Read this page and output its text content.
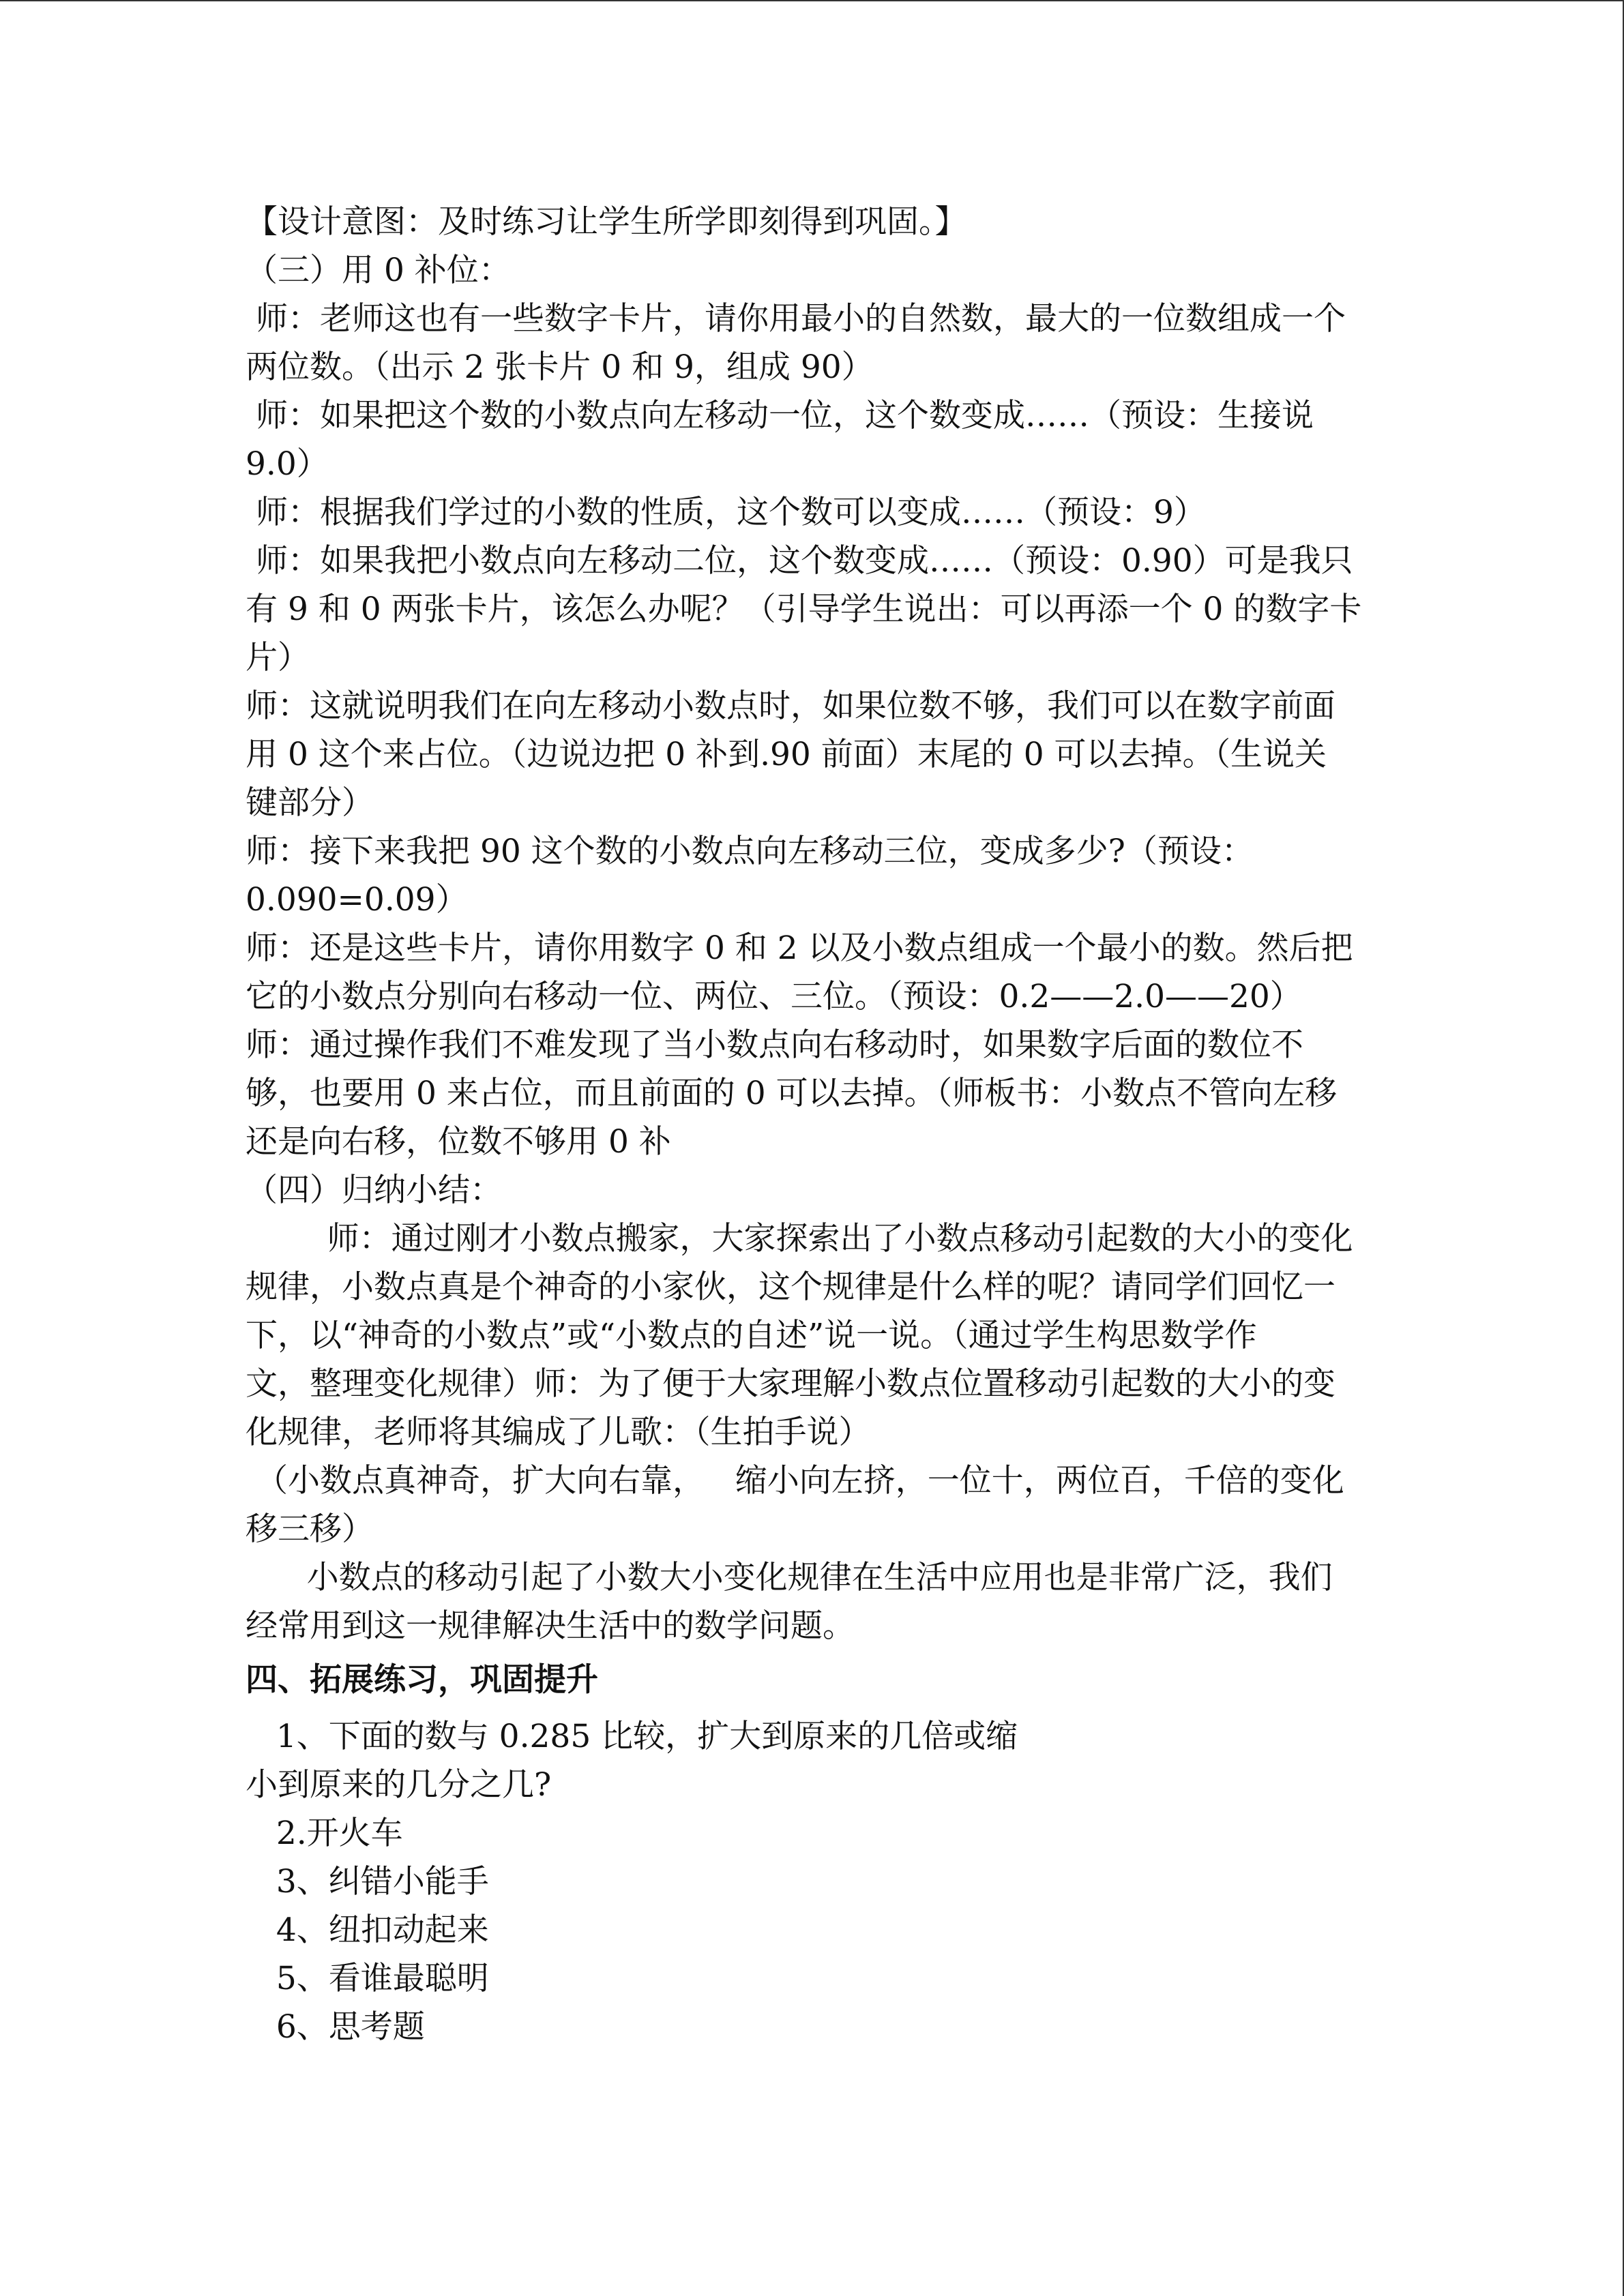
【设计意图：及时练习让学生所学即刻得到巩固。】

（三）用 0 补位：

师：老师这也有一些数字卡片，请你用最小的自然数，最大的一位数组成一个

两位数。（出示 2 张卡片 0 和 9，组成 90）

师：如果把这个数的小数点向左移动一位，这个数变成……（预设：生接说

9.0）

师：根据我们学过的小数的性质，这个数可以变成……（预设：9）

师：如果我把小数点向左移动二位，这个数变成……（预设：0.90）可是我只

有 9 和 0 两张卡片，该怎么办呢？（引导学生说出：可以再添一个 0 的数字卡

片）

师：这就说明我们在向左移动小数点时，如果位数不够，我们可以在数字前面

用 0 这个来占位。（边说边把 0 补到.90 前面）末尾的 0 可以去掉。（生说关

键部分）

师：接下来我把 90 这个数的小数点向左移动三位，变成多少?（预设：

0.090=0.09）

师：还是这些卡片，请你用数字 0 和 2 以及小数点组成一个最小的数。然后把

它的小数点分别向右移动一位、两位、三位。（预设：0.2——2.0——20）

师：通过操作我们不难发现了当小数点向右移动时，如果数字后面的数位不

够，也要用 0 来占位，而且前面的 0 可以去掉。（师板书：小数点不管向左移

还是向右移，位数不够用 0 补

（四）归纳小结：

师：通过刚才小数点搬家，大家探索出了小数点移动引起数的大小的变化

规律，小数点真是个神奇的小家伙，这个规律是什么样的呢？请同学们回忆一

下，以“神奇的小数点”或“小数点的自述”说一说。（通过学生构思数学作

文，整理变化规律）师：为了便于大家理解小数点位置移动引起数的大小的变

化规律，老师将其编成了儿歌：（生拍手说）

（小数点真神奇，扩大向右靠，   缩小向左挤，一位十，两位百，千倍的变化

移三移）

小数点的移动引起了小数大小变化规律在生活中应用也是非常广泛，我们

经常用到这一规律解决生活中的数学问题。

四、拓展练习，巩固提升

1、下面的数与 0.285 比较，扩大到原来的几倍或缩

小到原来的几分之几?

2.开火车

3、纠错小能手

4、纽扣动起来

5、看谁最聪明

6、思考题
